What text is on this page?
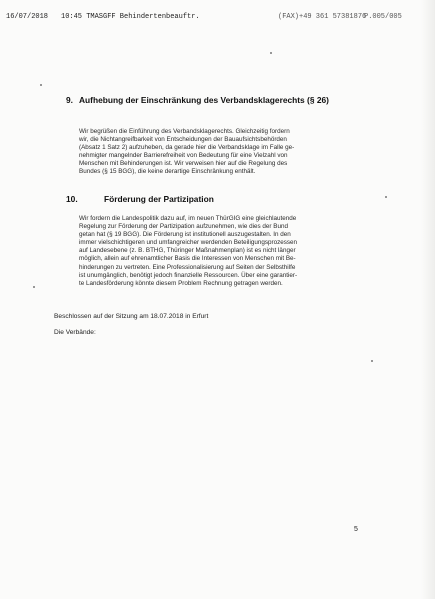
16/07/2018 10:45 TMASGFF Behindertenbeauftr.	(FAX)+49 361 57381876
P.005/005
9. Aufhebung der Einschränkung des Verbandsklagerechts (§ 26)
Wir begrüßen die Einführung des Verbandsklagerechts. Gleichzeitig fordern
wir, die Nichtangreifbarkeit von Entscheidungen der Bauaufsichtsbehörden
(Absatz 1 Satz 2) aufzuheben, da gerade hier die Verbandsklage im Falle ge-
nehmigter mangelnder Barrierefreiheit von Bedeutung für eine Vielzahl von
Menschen mit Behinderungen ist. Wir verweisen hier auf die Regelung des
Bundes (§ 15 BGG), die keine derartige Einschränkung enthält.
10.	Förderung der Partizipation
Wir fordern die Landespolitik dazu auf, im neuen ThürGIG eine gleichlautende
Regelung zur Förderung der Partizipation aufzunehmen, wie dies der Bund
getan hat (§ 19 BGG). Die Förderung ist institutionell auszugestalten. In den
immer vielschichtigeren und umfangreicher werdenden Beteiligungsprozessen
auf Landesebene (z. B. BTHG, Thüringer Maßnahmenplan) ist es nicht länger
möglich, allein auf ehrenamtlicher Basis die Interessen von Menschen mit Be-
hinderungen zu vertreten. Eine Professionalisierung auf Seiten der Selbsthilfe
ist unumgänglich, benötigt jedoch finanzielle Ressourcen. Über eine garantier-
te Landesförderung könnte diesem Problem Rechnung getragen werden.
Beschlossen auf der Sitzung am 18.07.2018 in Erfurt
Die Verbände:
5
